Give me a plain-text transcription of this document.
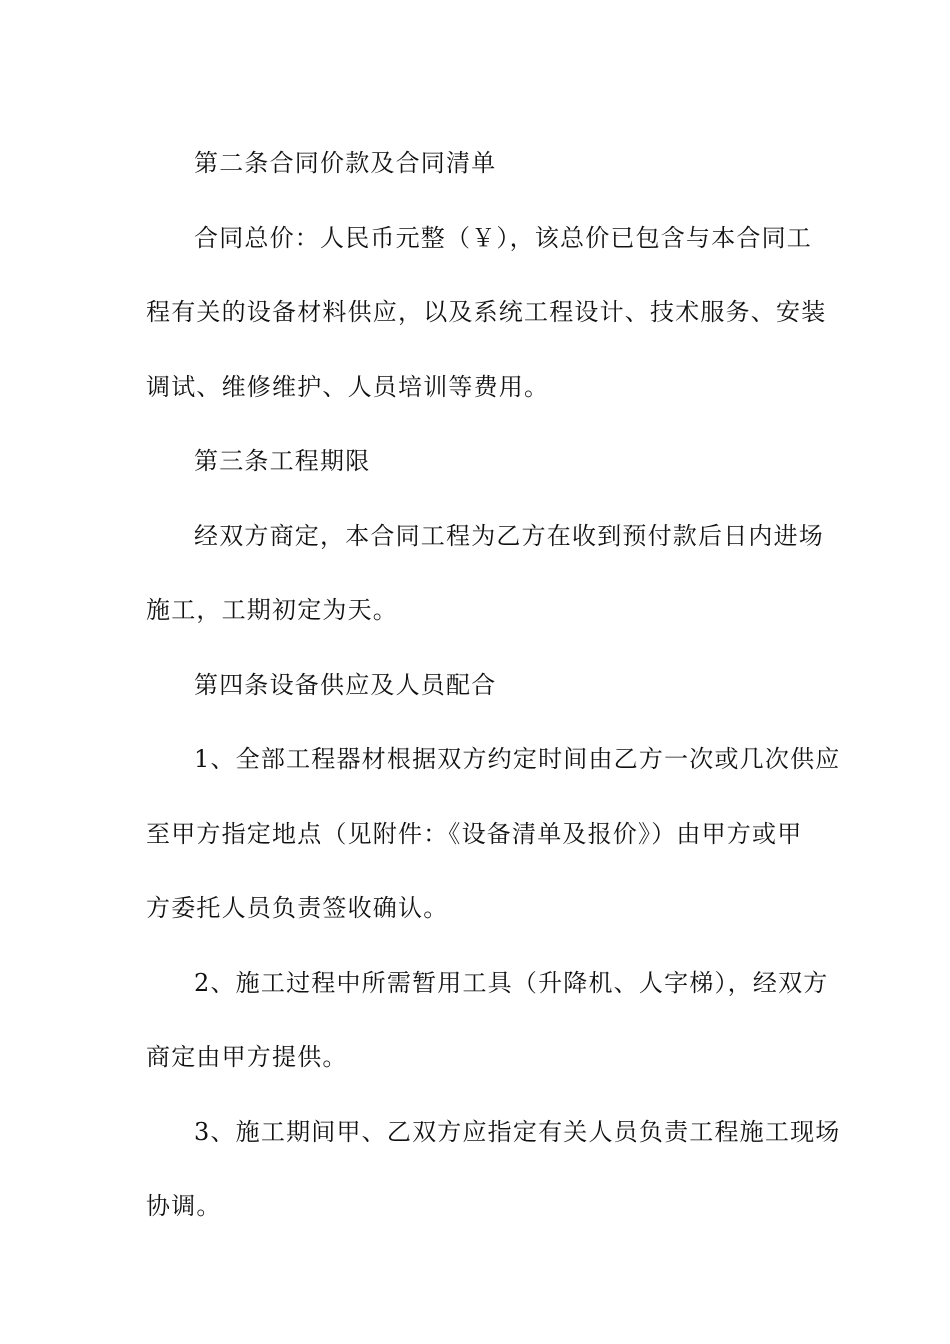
第二条合同价款及合同清单

合同总价：人民币元整（￥），该总价已包含与本合同工
程有关的设备材料供应，以及系统工程设计、技术服务、安装
调试、维修维护、人员培训等费用。

第三条工程期限

经双方商定，本合同工程为乙方在收到预付款后日内进场
施工，工期初定为天。

第四条设备供应及人员配合

1、全部工程器材根据双方约定时间由乙方一次或几次供应
至甲方指定地点（见附件：《设备清单及报价》）由甲方或甲
方委托人员负责签收确认。

2、施工过程中所需暂用工具（升降机、人字梯），经双方
商定由甲方提供。

3、施工期间甲、乙双方应指定有关人员负责工程施工现场
协调。
